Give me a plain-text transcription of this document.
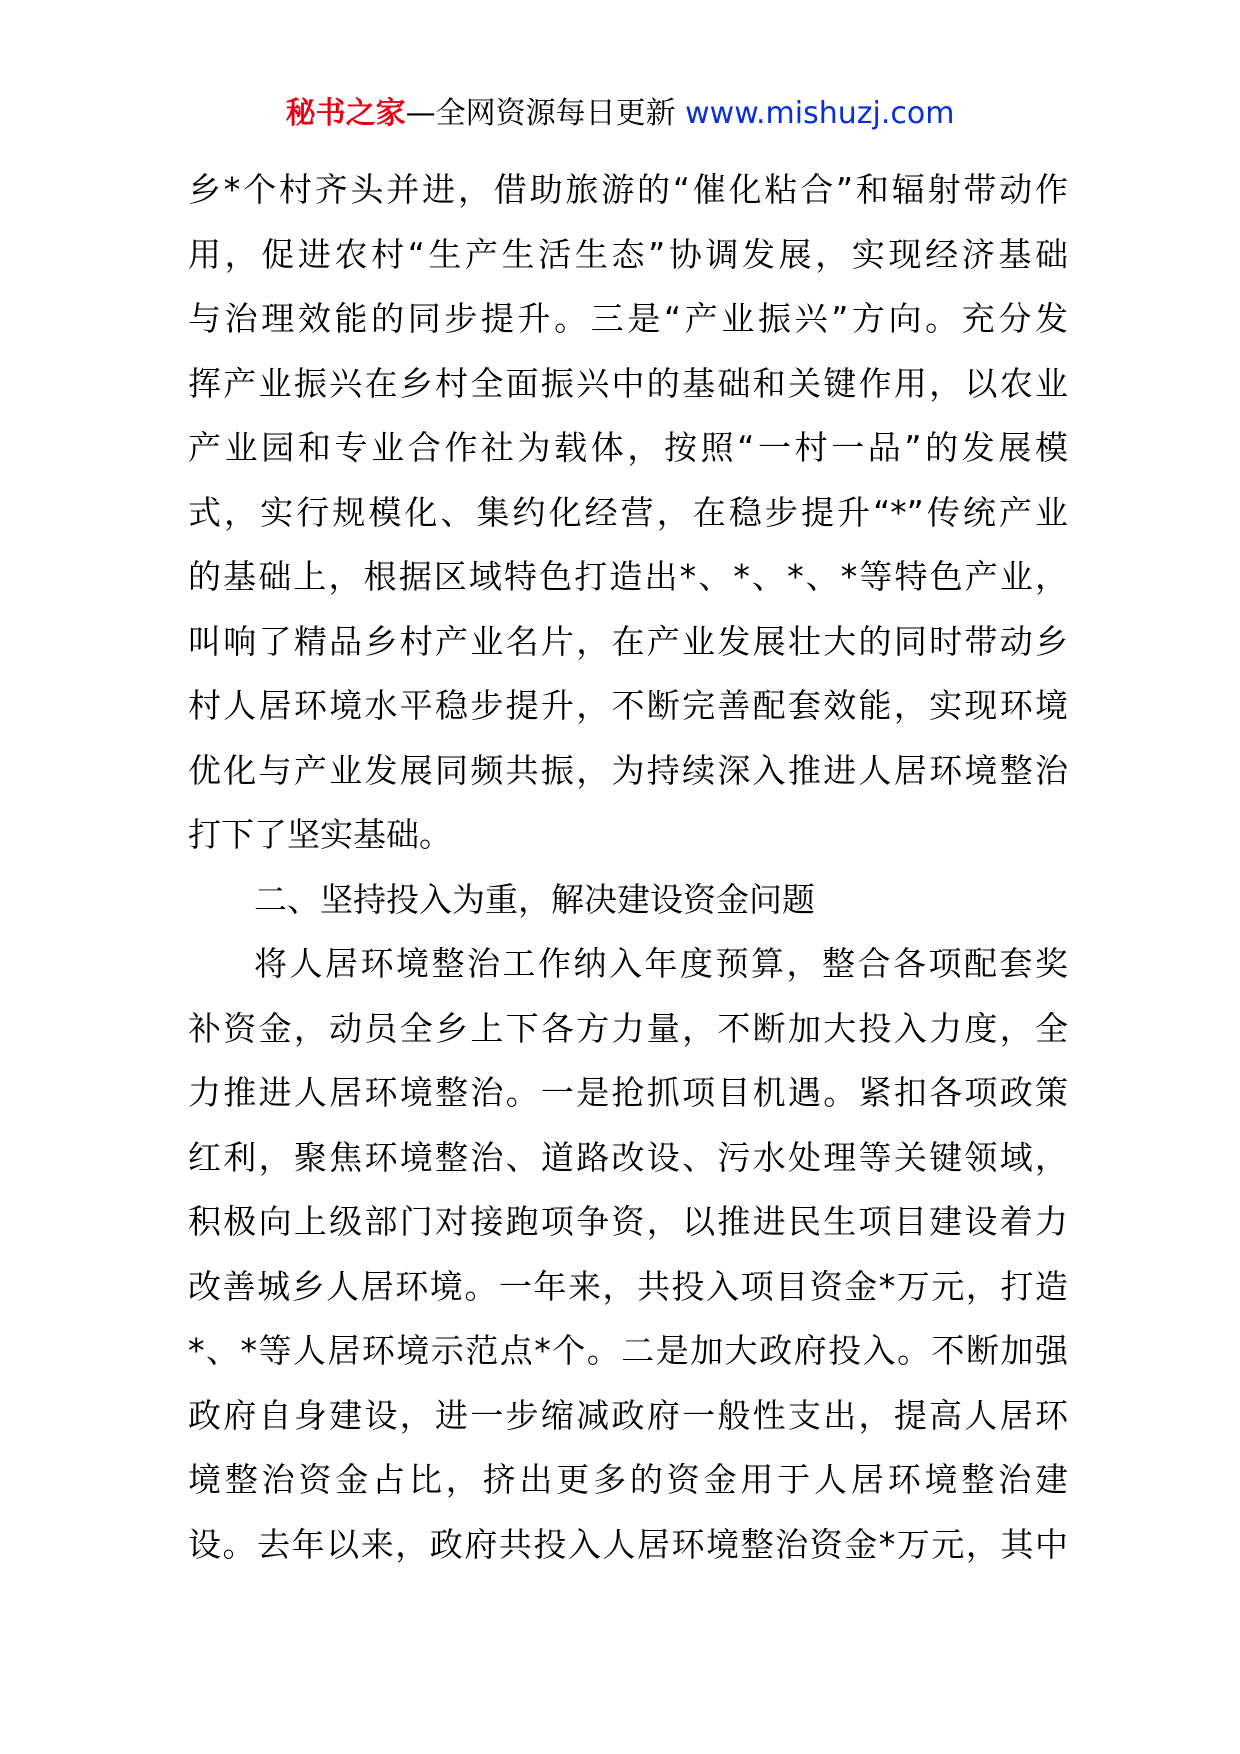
秘书之家—全网资源每日更新 www.mishuzj.com
乡*个村齐头并进，借助旅游的“催化粘合”和辐射带动作
用，促进农村“生产生活生态”协调发展，实现经济基础
与治理效能的同步提升。三是“产业振兴”方向。充分发
挥产业振兴在乡村全面振兴中的基础和关键作用，以农业
产业园和专业合作社为载体，按照“一村一品”的发展模
式，实行规模化、集约化经营，在稳步提升“*”传统产业
的基础上，根据区域特色打造出*、*、*、*等特色产业，
叫响了精品乡村产业名片，在产业发展壮大的同时带动乡
村人居环境水平稳步提升，不断完善配套效能，实现环境
优化与产业发展同频共振，为持续深入推进人居环境整治
打下了坚实基础。
二、坚持投入为重，解决建设资金问题
将人居环境整治工作纳入年度预算，整合各项配套奖
补资金，动员全乡上下各方力量，不断加大投入力度，全
力推进人居环境整治。一是抢抓项目机遇。紧扣各项政策
红利，聚焦环境整治、道路改设、污水处理等关键领域，
积极向上级部门对接跑项争资，以推进民生项目建设着力
改善城乡人居环境。一年来，共投入项目资金*万元，打造
*、*等人居环境示范点*个。二是加大政府投入。不断加强
政府自身建设，进一步缩减政府一般性支出，提高人居环
境整治资金占比，挤出更多的资金用于人居环境整治建
设。去年以来，政府共投入人居环境整治资金*万元，其中
